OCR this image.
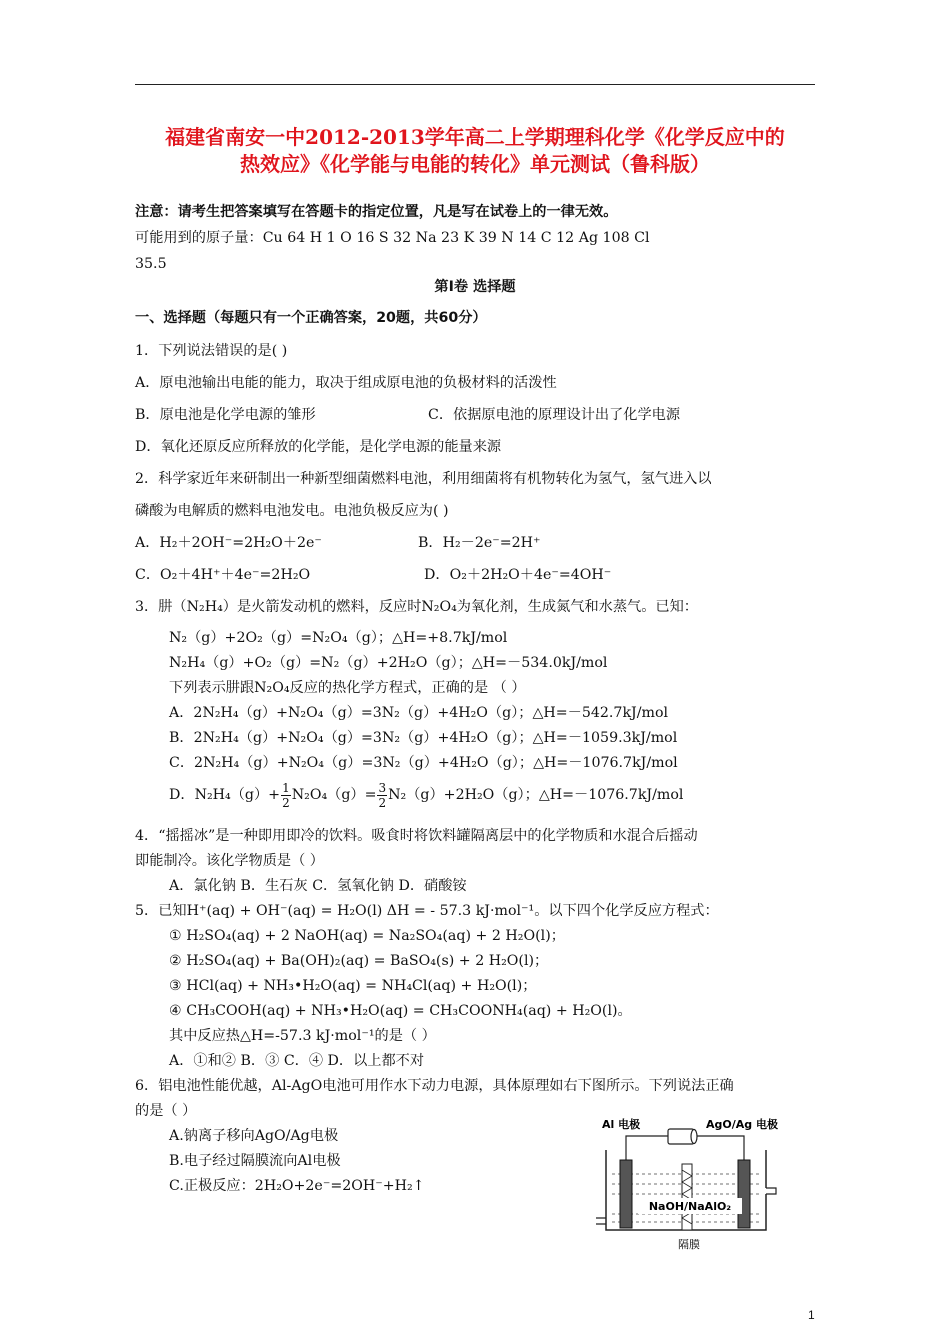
福建省南安一中2012-2013学年高二上学期理科化学《化学反应中的
热效应》《化学能与电能的转化》单元测试（鲁科版）
注意：请考生把答案填写在答题卡的指定位置，凡是写在试卷上的一律无效。
可能用到的原子量：Cu 64 H 1 O 16 S 32 Na 23 K 39 N 14 C 12 Ag 108 Cl
35.5
第Ⅰ卷 选择题
一、选择题（每题只有一个正确答案，20题，共60分）
1．下列说法错误的是( )
A．原电池输出电能的能力，取决于组成原电池的负极材料的活泼性
B．原电池是化学电源的雏形	C．依据原电池的原理设计出了化学电源
D．氧化还原反应所释放的化学能，是化学电源的能量来源
2．科学家近年来研制出一种新型细菌燃料电池，利用细菌将有机物转化为氢气，氢气进入以
磷酸为电解质的燃料电池发电。电池负极反应为( )
A．H₂＋2OH⁻=2H₂O＋2e⁻	B．H₂－2e⁻=2H⁺
C．O₂＋4H⁺＋4e⁻=2H₂O	D．O₂＋2H₂O＋4e⁻=4OH⁻
3．肼（N₂H₄）是火箭发动机的燃料，反应时N₂O₄为氧化剂，生成氮气和水蒸气。已知：
N₂（g）+2O₂（g）=N₂O₄（g）；△H=+8.7kJ/mol
N₂H₄（g）+O₂（g）=N₂（g）+2H₂O（g）；△H=－534.0kJ/mol
下列表示肼跟N₂O₄反应的热化学方程式，正确的是 （ ）
A．2N₂H₄（g）+N₂O₄（g）=3N₂（g）+4H₂O（g）；△H=－542.7kJ/mol
B．2N₂H₄（g）+N₂O₄（g）=3N₂（g）+4H₂O（g）；△H=－1059.3kJ/mol
C．2N₂H₄（g）+N₂O₄（g）=3N₂（g）+4H₂O（g）；△H=－1076.7kJ/mol
D．$N_2H_4(g)+ \frac{1}{2} N_2O_4(g)= \frac{3}{2} N_2(g)+2H_2O(g)$；△H=－1076.7kJ/mol
4．“摇摇冰”是一种即用即冷的饮料。吸食时将饮料罐隔离层中的化学物质和水混合后摇动
即能制冷。该化学物质是（ ）
A．氯化钠 B．生石灰 C．氢氧化钠 D．硝酸铵
5．已知H⁺(aq) + OH⁻(aq) = H₂O(l) ΔH = - 57.3 kJ·mol⁻¹。以下四个化学反应方程式：
① H₂SO₄(aq) + 2 NaOH(aq) = Na₂SO₄(aq) + 2 H₂O(l)；
② H₂SO₄(aq) + Ba(OH)₂(aq) = BaSO₄(s) + 2 H₂O(l)；
③ HCl(aq) + NH₃•H₂O(aq) = NH₄Cl(aq) + H₂O(l)；
④ CH₃COOH(aq) + NH₃•H₂O(aq) = CH₃COONH₄(aq) + H₂O(l)。
其中反应热△H=-57.3 kJ·mol⁻¹的是（ ）
A．①和② B．③ C．④ D．以上都不对
6．铝电池性能优越，Al-AgO电池可用作水下动力电源，具体原理如右下图所示。下列说法正确
的是（ ）
A.钠离子移向AgO/Ag电极
B.电子经过隔膜流向Al电极
C.正极反应：2H₂O+2e⁻=2OH⁻+H₂↑
Al 电极	AgO/Ag 电极
NaOH/NaAlO₂
隔膜
1
